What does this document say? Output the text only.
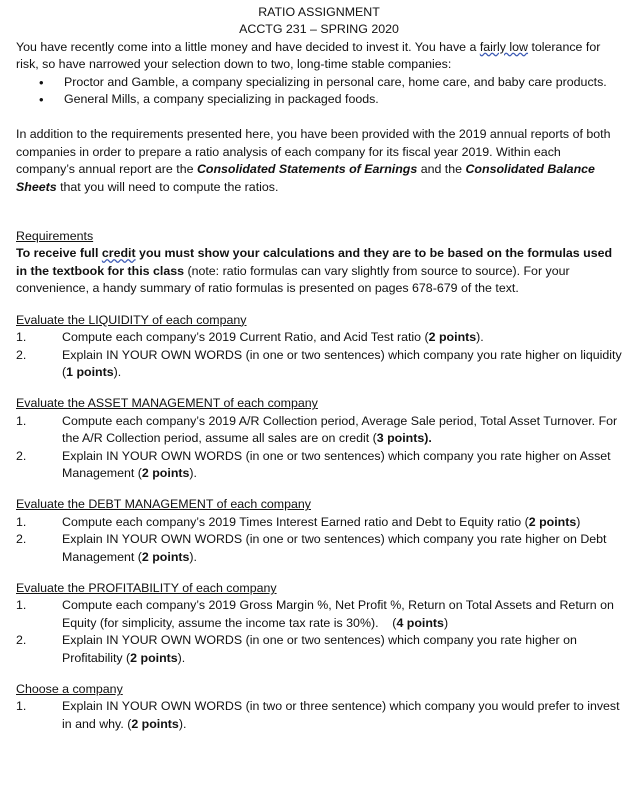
RATIO ASSIGNMENT
ACCTG 231 – SPRING 2020

You have recently come into a little money and have decided to invest it. You have a fairly low tolerance for risk, so have narrowed your selection down to two, long-time stable companies:

• Proctor and Gamble, a company specializing in personal care, home care, and baby care products.
• General Mills, a company specializing in packaged foods.

In addition to the requirements presented here, you have been provided with the 2019 annual reports of both companies in order to prepare a ratio analysis of each company for its fiscal year 2019. Within each company’s annual report are the Consolidated Statements of Earnings and the Consolidated Balance Sheets that you will need to compute the ratios.

Requirements

To receive full credit you must show your calculations and they are to be based on the formulas used in the textbook for this class (note: ratio formulas can vary slightly from source to source). For your convenience, a handy summary of ratio formulas is presented on pages 678-679 of the text.

Evaluate the LIQUIDITY of each company
1.	Compute each company’s 2019 Current Ratio, and Acid Test ratio (2 points).
2.	Explain IN YOUR OWN WORDS (in one or two sentences) which company you rate higher on liquidity (1 points).
Evaluate the ASSET MANAGEMENT of each company
1.	Compute each company’s 2019 A/R Collection period, Average Sale period, Total Asset Turnover. For the A/R Collection period, assume all sales are on credit (3 points).
2.	Explain IN YOUR OWN WORDS (in one or two sentences) which company you rate higher on Asset Management (2 points).
Evaluate the DEBT MANAGEMENT of each company
1.	Compute each company’s 2019 Times Interest Earned ratio and Debt to Equity ratio (2 points)
2.	Explain IN YOUR OWN WORDS (in one or two sentences) which company you rate higher on Debt Management (2 points).
Evaluate the PROFITABILITY of each company
1.	Compute each company’s 2019 Gross Margin %, Net Profit %, Return on Total Assets and Return on Equity (for simplicity, assume the income tax rate is 30%).    (4 points)
2.	Explain IN YOUR OWN WORDS (in one or two sentences) which company you rate higher on Profitability (2 points).
Choose a company
1.	Explain IN YOUR OWN WORDS (in two or three sentence) which company you would prefer to invest in and why. (2 points).
